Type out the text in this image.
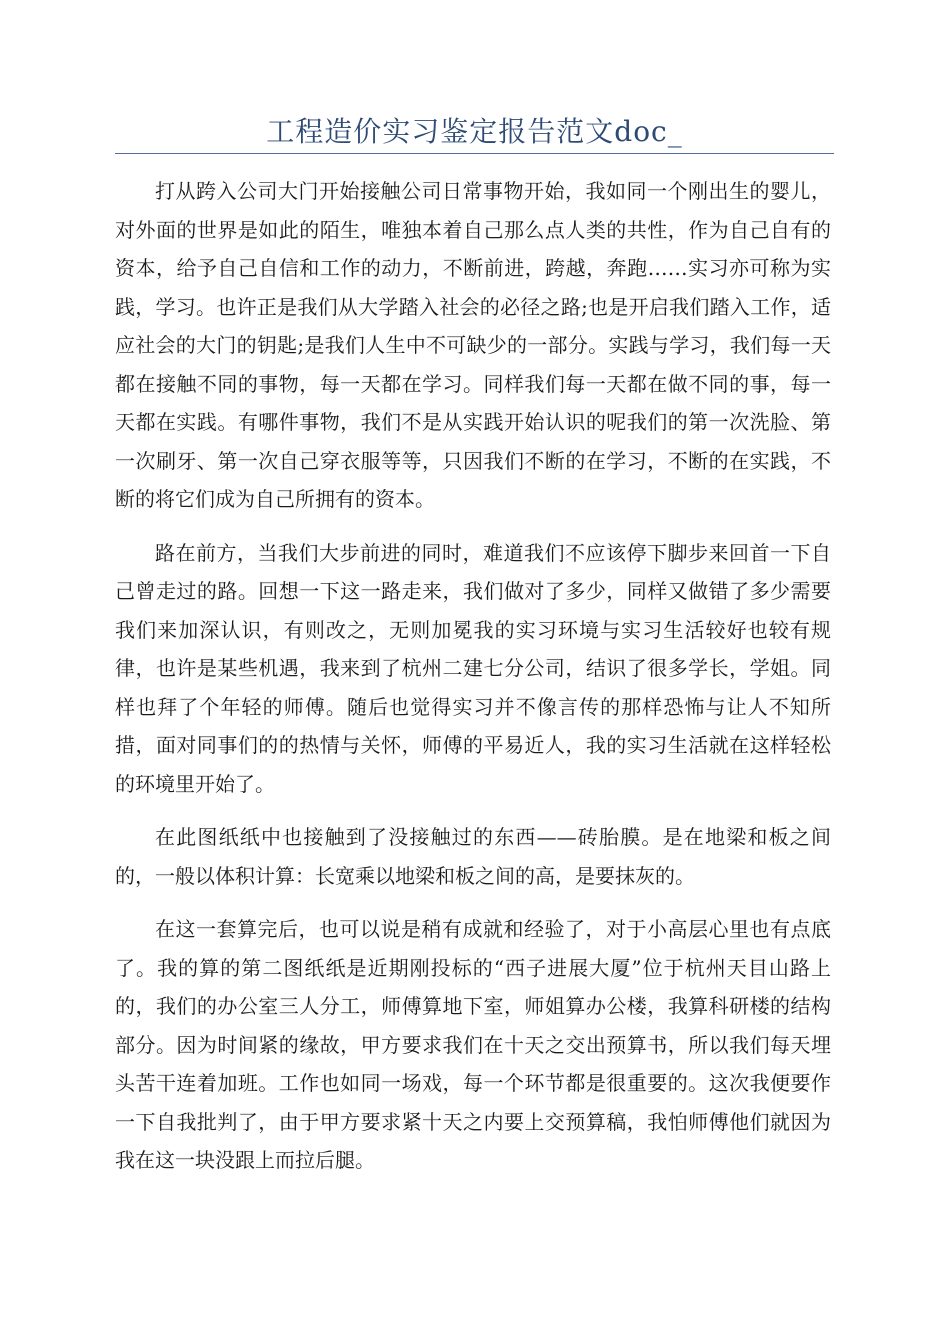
工程造价实习鉴定报告范文doc_

打从跨入公司大门开始接触公司日常事物开始，我如同一个刚出生的婴儿，对外面的世界是如此的陌生，唯独本着自己那么点人类的共性，作为自己自有的资本，给予自己自信和工作的动力，不断前进，跨越，奔跑……实习亦可称为实践，学习。也许正是我们从大学踏入社会的必径之路;也是开启我们踏入工作，适应社会的大门的钥匙;是我们人生中不可缺少的一部分。实践与学习，我们每一天都在接触不同的事物，每一天都在学习。同样我们每一天都在做不同的事，每一天都在实践。有哪件事物，我们不是从实践开始认识的呢我们的第一次洗脸、第一次刷牙、第一次自己穿衣服等等，只因我们不断的在学习，不断的在实践，不断的将它们成为自己所拥有的资本。

路在前方，当我们大步前进的同时，难道我们不应该停下脚步来回首一下自己曾走过的路。回想一下这一路走来，我们做对了多少，同样又做错了多少需要我们来加深认识，有则改之，无则加冕我的实习环境与实习生活较好也较有规律，也许是某些机遇，我来到了杭州二建七分公司，结识了很多学长，学姐。同样也拜了个年轻的师傅。随后也觉得实习并不像言传的那样恐怖与让人不知所措，面对同事们的的热情与关怀，师傅的平易近人，我的实习生活就在这样轻松的环境里开始了。

在此图纸纸中也接触到了没接触过的东西——砖胎膜。是在地梁和板之间的，一般以体积计算：长宽乘以地梁和板之间的高，是要抹灰的。

在这一套算完后，也可以说是稍有成就和经验了，对于小高层心里也有点底了。我的算的第二图纸纸是近期刚投标的“西子进展大厦”位于杭州天目山路上的，我们的办公室三人分工，师傅算地下室，师姐算办公楼，我算科研楼的结构部分。因为时间紧的缘故，甲方要求我们在十天之交出预算书，所以我们每天埋头苦干连着加班。工作也如同一场戏，每一个环节都是很重要的。这次我便要作一下自我批判了，由于甲方要求紧十天之内要上交预算稿，我怕师傅他们就因为我在这一块没跟上而拉后腿。
